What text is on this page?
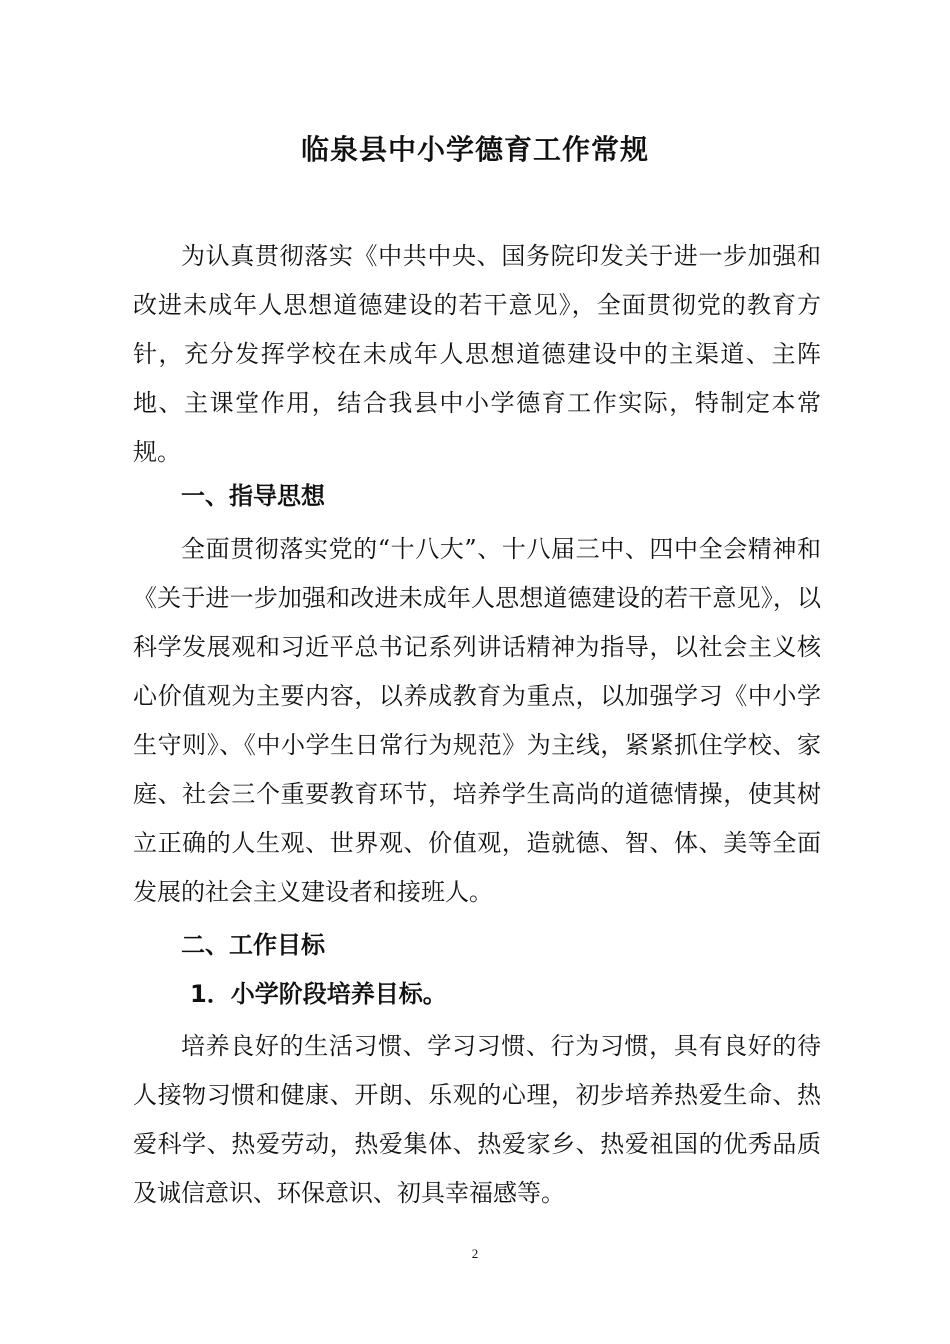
临泉县中小学德育工作常规

为认真贯彻落实《中共中央、国务院印发关于进一步加强和改进未成年人思想道德建设的若干意见》，全面贯彻党的教育方针，充分发挥学校在未成年人思想道德建设中的主渠道、主阵地、主课堂作用，结合我县中小学德育工作实际，特制定本常规。

一、指导思想

全面贯彻落实党的“十八大”、十八届三中、四中全会精神和《关于进一步加强和改进未成年人思想道德建设的若干意见》，以科学发展观和习近平总书记系列讲话精神为指导，以社会主义核心价值观为主要内容，以养成教育为重点，以加强学习《中小学生守则》、《中小学生日常行为规范》为主线，紧紧抓住学校、家庭、社会三个重要教育环节，培养学生高尚的道德情操，使其树立正确的人生观、世界观、价值观，造就德、智、体、美等全面发展的社会主义建设者和接班人。

二、工作目标
1．小学阶段培养目标。

培养良好的生活习惯、学习习惯、行为习惯，具有良好的待人接物习惯和健康、开朗、乐观的心理，初步培养热爱生命、热爱科学、热爱劳动，热爱集体、热爱家乡、热爱祖国的优秀品质及诚信意识、环保意识、初具幸福感等。

2
